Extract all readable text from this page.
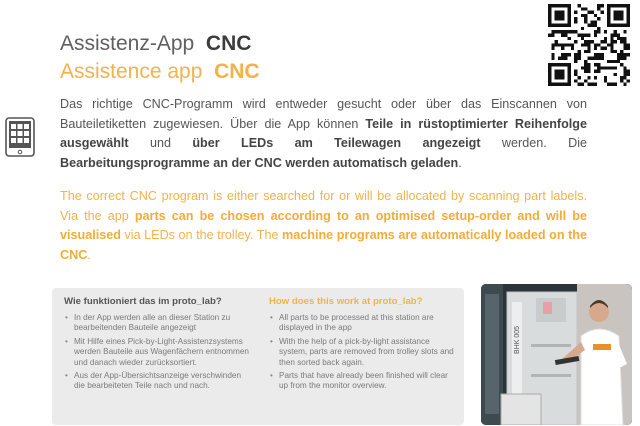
Assistenz-App CNC
Assistence app CNC

Das richtige CNC-Programm wird entweder gesucht oder über das Einscannen von Bauteiletiketten zugewiesen. Über die App können Teile in rüstoptimierter Reihenfolge ausgewählt und über LEDs am Teilewagen angezeigt werden. Die Bearbeitungsprogramme an der CNC werden automatisch geladen.

The correct CNC program is either searched for or will be allocated by scanning part labels. Via the app parts can be chosen according to an optimised setup-order and will be visualised via LEDs on the trolley. The machine programs are automatically loaded on the CNC.

Wie funktioniert das im proto_lab?

• In der App werden alle an dieser Station zu bearbeitenden Bauteile angezeigt
• Mit Hilfe eines Pick-by-Light-Assistenzsystems werden Bauteile aus Wagenfächern entnommen und danach wieder zurücksortiert.
• Aus der App-Übersichtsanzeige verschwinden die bearbeiteten Teile nach und nach.

How does this work at proto_lab?

• All parts to be processed at this station are displayed in the app
• With the help of a pick-by-light assistance system, parts are removed from trolley slots and then sorted back again.
• Parts that have already been finished will clear up from the monitor overview.
BHK 005
